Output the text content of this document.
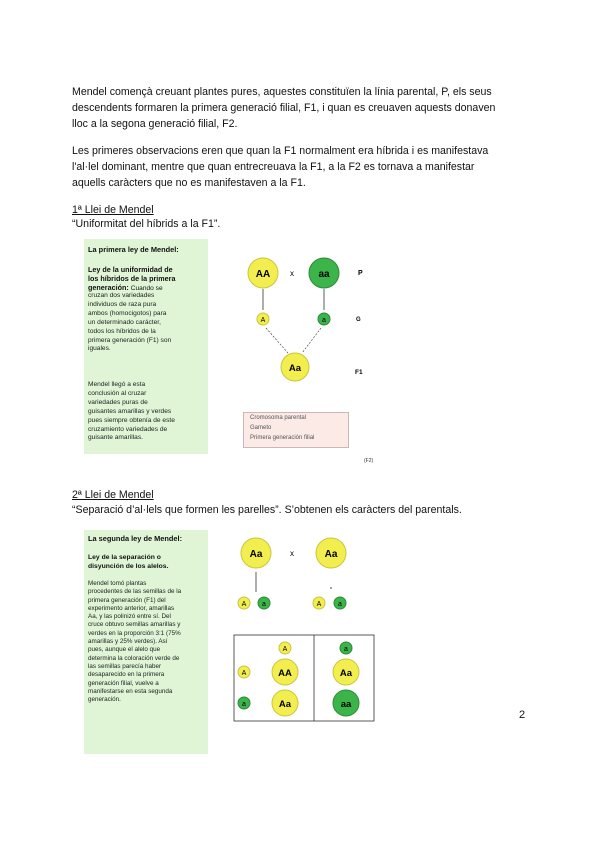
Mendel començà creuant plantes pures, aquestes constituïen la línia parental, P, els seus
descendents formaren la primera generació filial, F1, i quan es creuaven aquests donaven
lloc a la segona generació filial, F2.
Les primeres observacions eren que quan la F1 normalment era híbrida i es manifestava
l'al·lel dominant, mentre que quan entrecreuava la F1, a la F2 es tornava a manifestar
aquells caràcters que no es manifestaven a la F1.
1ª Llei de Mendel
“Uniformitat del híbrids a la F1”.
La primera ley de Mendel:
Ley de la uniformidad de
los híbridos de la primera
generación: Cuando se
cruzan dos variedades
individuos de raza pura
ambos (homocigotos) para
un determinado carácter,
todos los híbridos de la
primera generación (F1) son
iguales.
Mendel llegó a esta
conclusión al cruzar
variedades puras de
guisantes amarillas y verdes
pues siempre obtenía de este
cruzamiento variedades de
guisante amarillas.
AA x aa
A	a
Aa
P
G
F1
Cromosoma parental
Gameto
Primera generación filial
(F2)
2ª Llei de Mendel
“Separació d’al·lels que formen les parelles”. S’obtenen els caràcters del parentals.
La segunda ley de Mendel:
Ley de la separación o
disyunción de los alelos.
Mendel tomó plantas
procedentes de las semillas de la
primera generación (F1) del
experimento anterior, amarillas
Aa, y las polinizó entre sí. Del
cruce obtuvo semillas amarillas y
verdes en la proporción 3:1 (75%
amarillas y 25% verdes). Así
pues, aunque el alelo que
determina la coloración verde de
las semillas parecía haber
desaparecido en la primera
generación filial, vuelve a
manifestarse en esta segunda
generación.
Aa	x	Aa
A a	A a
A	a
A
a
AA	Aa
Aa	aa
2
